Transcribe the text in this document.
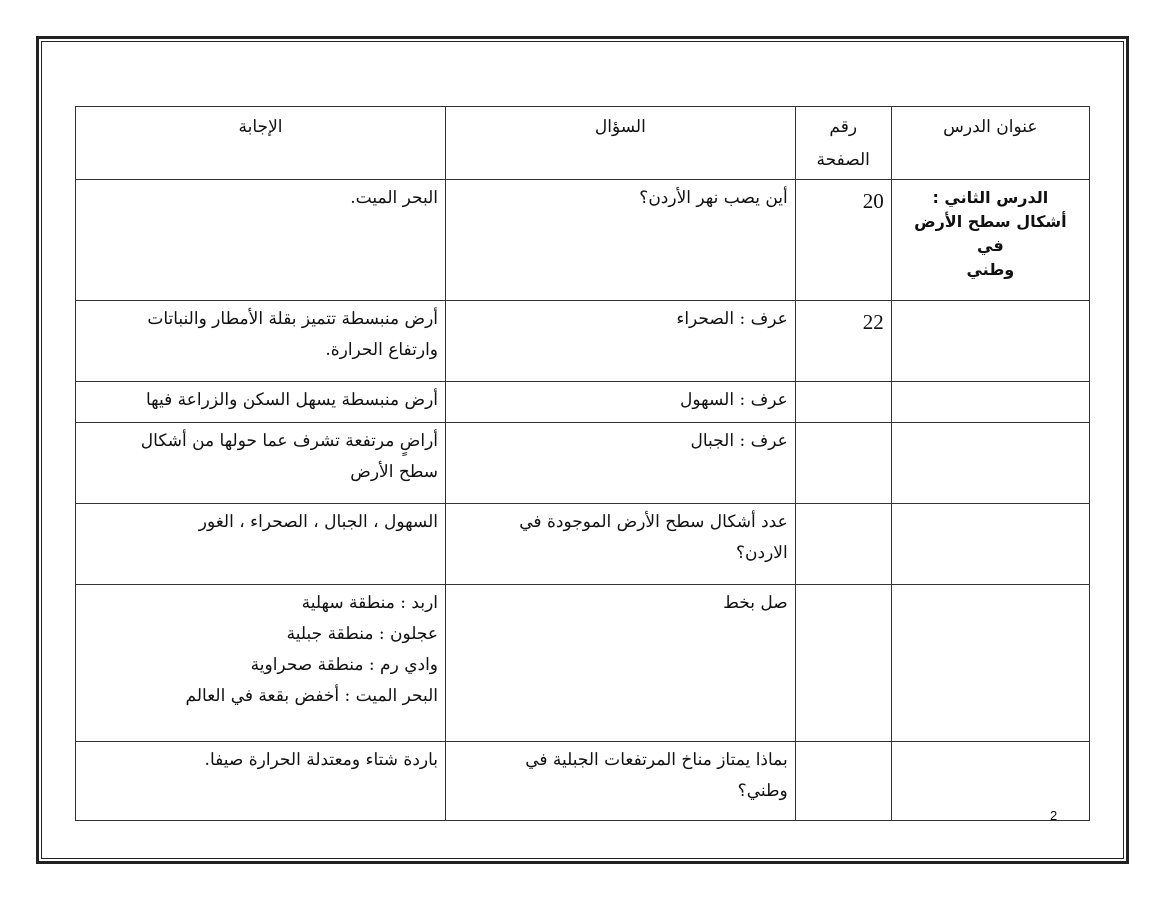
عنوان الدرس	رقم الصفحة	السؤال	الإجابة

الدرس الثاني :
أشكال سطح الأرض في
وطني	20	أين يصب نهر الأردن؟	البحر الميت.

	22	عرف : الصحراء	أرض منبسطة تتميز بقلة الأمطار والنباتات
وارتفاع الحرارة.

		عرف : السهول	أرض منبسطة يسهل السكن والزراعة فيها

		عرف : الجبال	أراضٍ مرتفعة تشرف عما حولها من أشكال
سطح الأرض

		عدد أشكال سطح الأرض الموجودة في
الاردن؟	السهول ، الجبال ، الصحراء ، الغور

		صل بخط	اربد : منطقة سهلية
عجلون : منطقة جبلية
وادي رم : منطقة صحراوية
البحر الميت : أخفض بقعة في العالم

		بماذا يمتاز مناخ المرتفعات الجبلية في
وطني؟	باردة شتاء ومعتدلة الحرارة صيفا.
2
